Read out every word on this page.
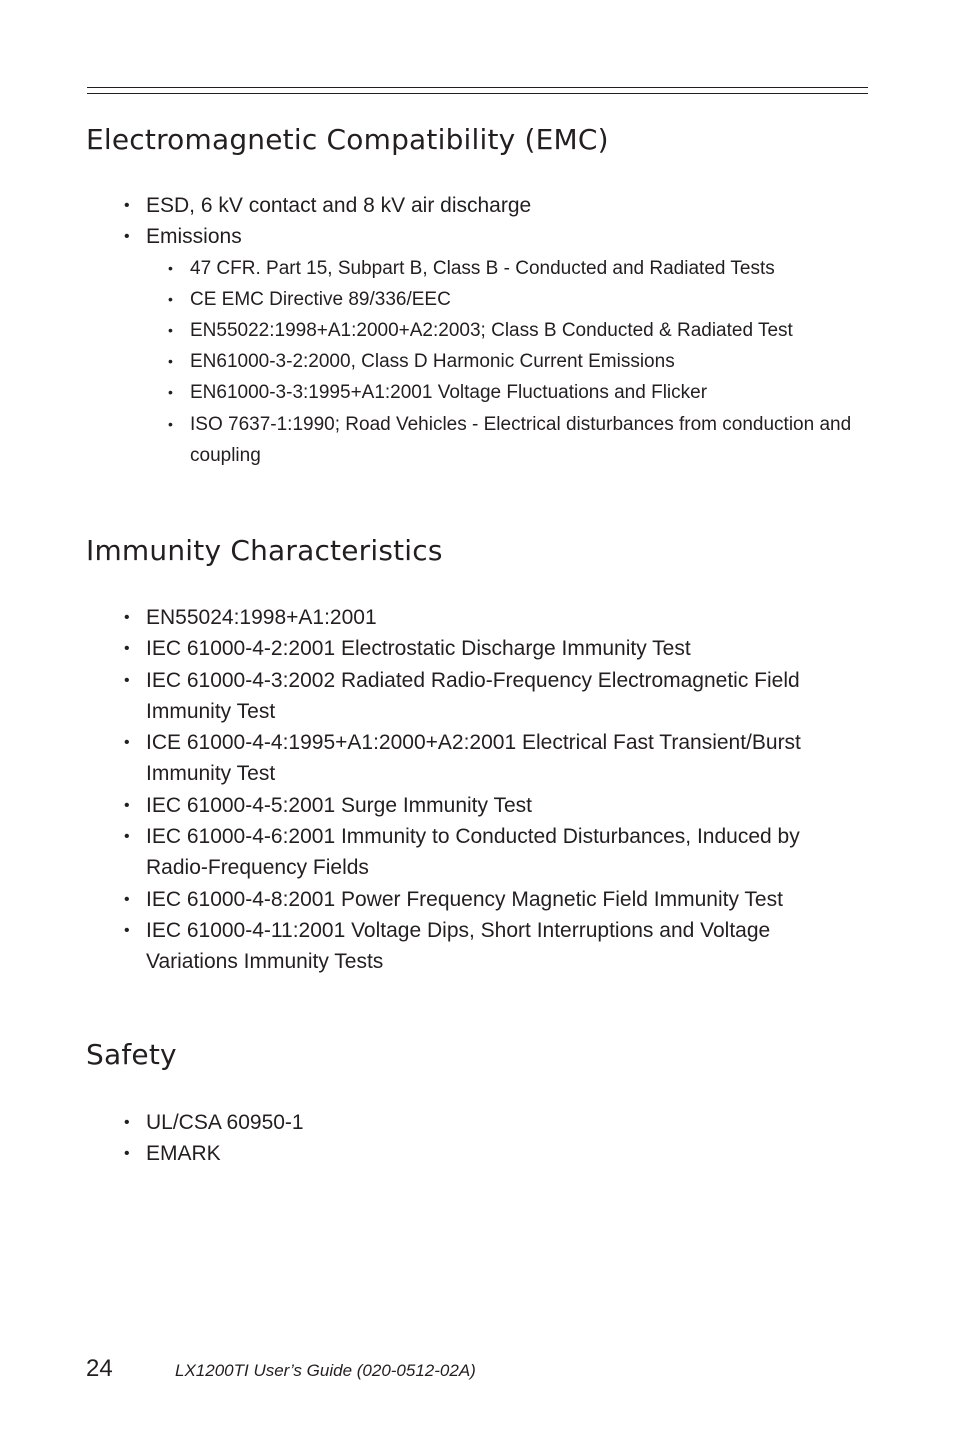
Electromagnetic Compatibility (EMC)
• ESD, 6 kV contact and 8 kV air discharge
• Emissions
• 47 CFR. Part 15, Subpart B, Class B - Conducted and Radiated Tests
• CE EMC Directive 89/336/EEC
• EN55022:1998+A1:2000+A2:2003; Class B Conducted & Radiated Test
• EN61000-3-2:2000, Class D Harmonic Current Emissions
• EN61000-3-3:1995+A1:2001 Voltage Fluctuations and Flicker
• ISO 7637-1:1990; Road Vehicles - Electrical disturbances from conduction and coupling
Immunity Characteristics
• EN55024:1998+A1:2001
• IEC 61000-4-2:2001 Electrostatic Discharge Immunity Test
• IEC 61000-4-3:2002 Radiated Radio-Frequency Electromagnetic Field Immunity Test
• ICE 61000-4-4:1995+A1:2000+A2:2001 Electrical Fast Transient/Burst Immunity Test
• IEC 61000-4-5:2001 Surge Immunity Test
• IEC 61000-4-6:2001 Immunity to Conducted Disturbances, Induced by Radio-Frequency Fields
• IEC 61000-4-8:2001 Power Frequency Magnetic Field Immunity Test
• IEC 61000-4-11:2001 Voltage Dips, Short Interruptions and Voltage Variations Immunity Tests
Safety
• UL/CSA 60950-1
• EMARK
24	LX1200TI User’s Guide (020-0512-02A)
